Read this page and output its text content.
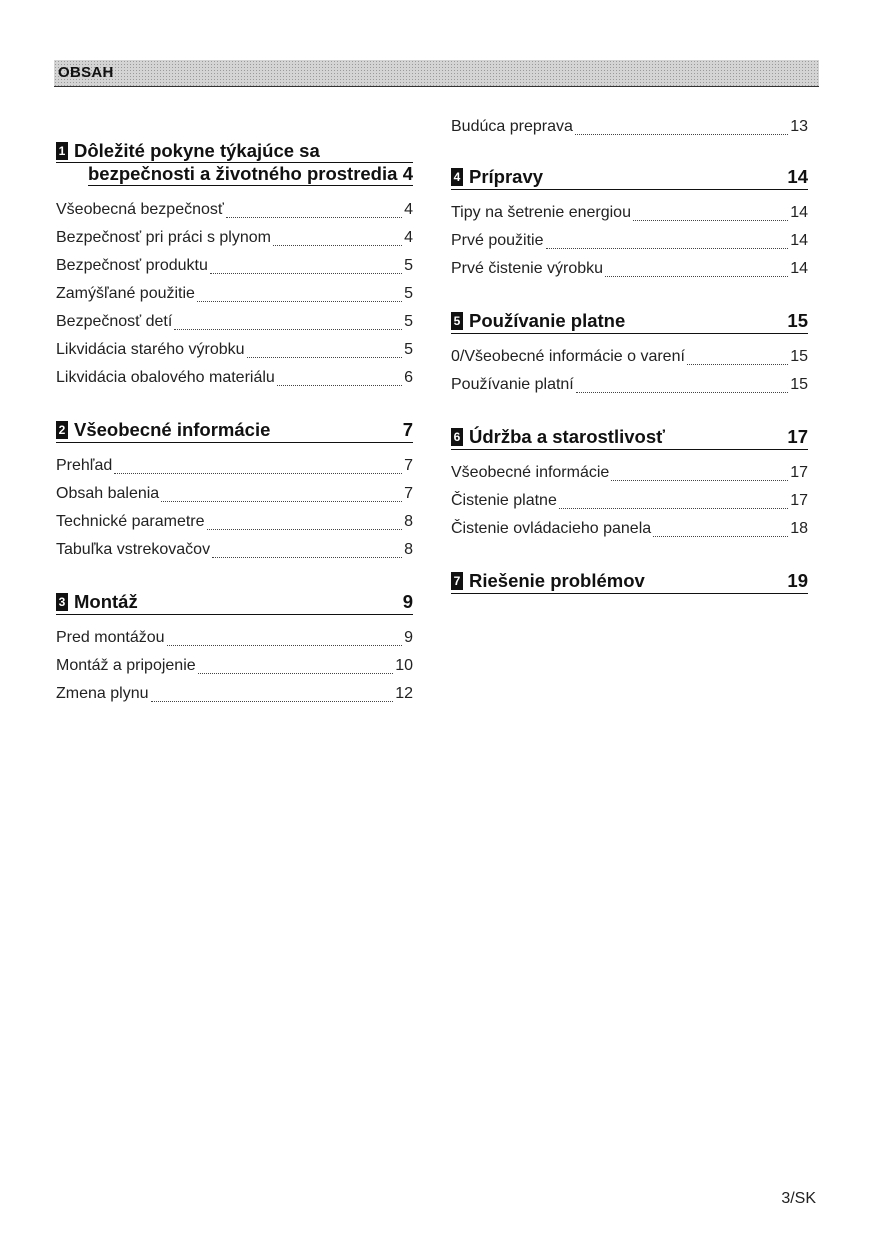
OBSAH
1 Dôležité pokyne týkajúce sa
bezpečnosti a životného prostredia 4
Všeobecná bezpečnosť	4
Bezpečnosť pri práci s plynom	4
Bezpečnosť produktu	5
Zamýšľané použitie	5
Bezpečnosť detí	5
Likvidácia starého výrobku	5
Likvidácia obalového materiálu	6
2 Všeobecné informácie	7
Prehľad	7
Obsah balenia	7
Technické parametre	8
Tabuľka vstrekovačov	8
3 Montáž	9
Pred montážou	9
Montáž a pripojenie	10
Zmena plynu	12
Budúca preprava	13
4 Prípravy	14
Tipy na šetrenie energiou	14
Prvé použitie	14
Prvé čistenie výrobku	14
5 Používanie platne	15
0/Všeobecné informácie o varení	15
Používanie platní	15
6 Údržba a starostlivosť	17
Všeobecné informácie	17
Čistenie platne	17
Čistenie ovládacieho panela	18
7 Riešenie problémov	19
3/SK
